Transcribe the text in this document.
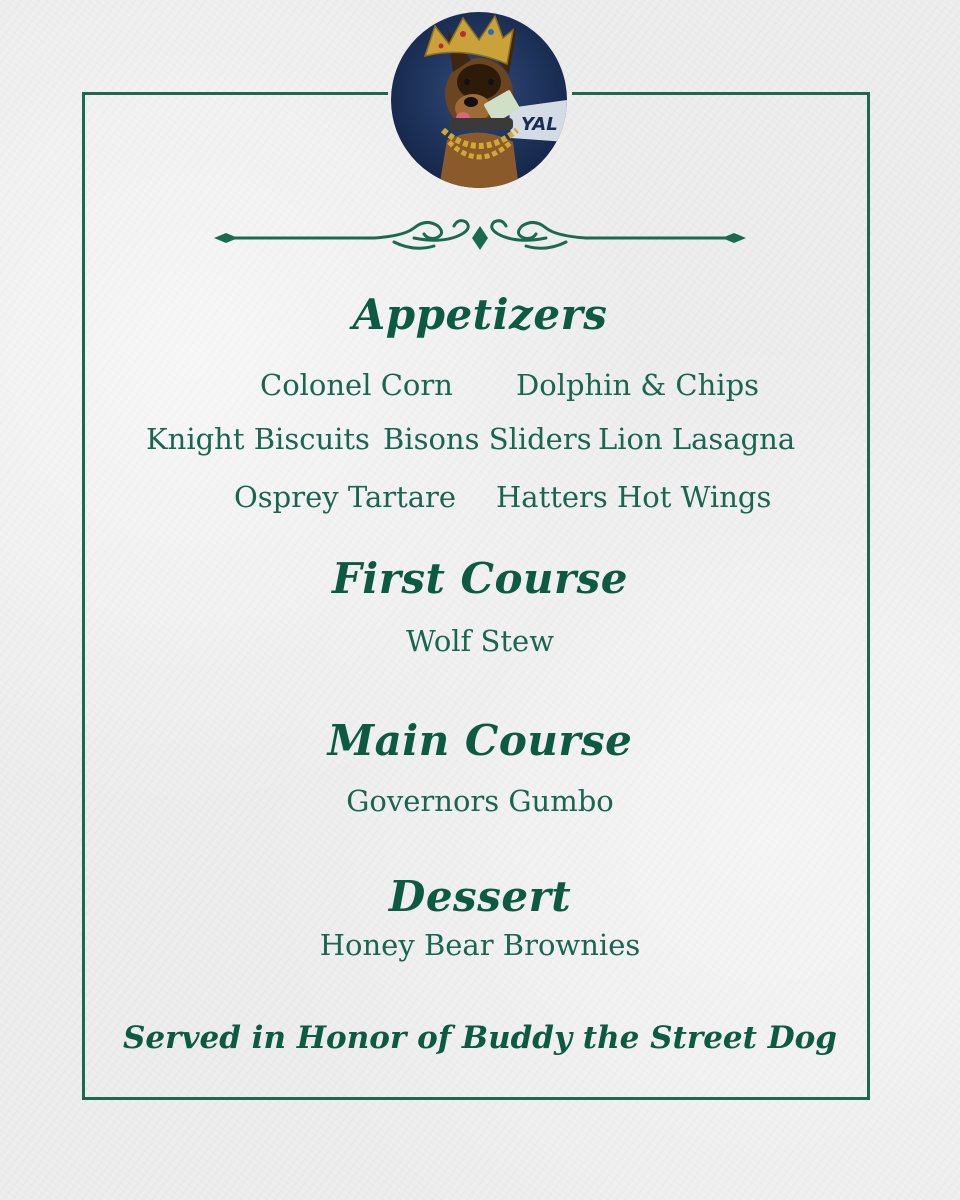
YAL
Appetizers
Colonel Corn Dolphin & Chips
Knight Biscuits Bisons Sliders Lion Lasagna
Osprey Tartare Hatters Hot Wings
First Course
Wolf Stew
Main Course
Governors Gumbo
Dessert
Honey Bear Brownies
Served in Honor of Buddy the Street Dog
